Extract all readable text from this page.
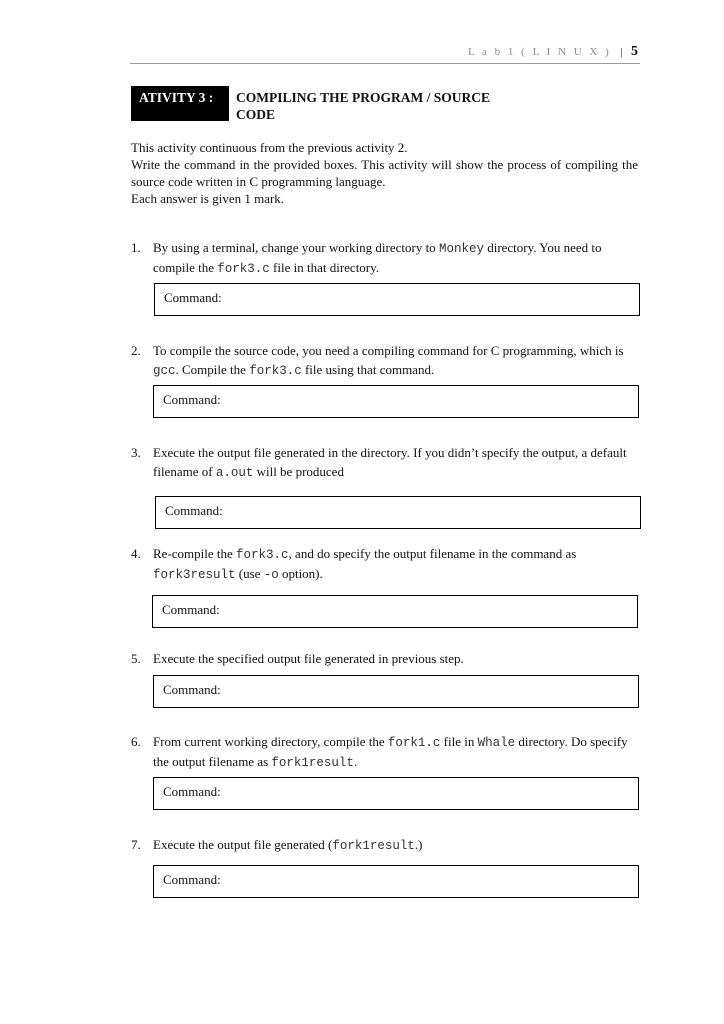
L a b 1 ( L I N U X ) | 5
ATIVITY 3 :	COMPILING THE PROGRAM / SOURCE
CODE

This activity continuous from the previous activity 2.

Write the command in the provided boxes. This activity will show the process of compiling the source code written in C programming language.

Each answer is given 1 mark.

1. By using a terminal, change your working directory to Monkey directory. You need to compile the fork3.c file in that directory.
Command:
2. To compile the source code, you need a compiling command for C programming, which is gcc. Compile the fork3.c file using that command.
Command:
3. Execute the output file generated in the directory. If you didn’t specify the output, a default filename of a.out will be produced
Command:
4. Re-compile the fork3.c, and do specify the output filename in the command as fork3result (use -o option).
Command:
5. Execute the specified output file generated in previous step.
Command:
6. From current working directory, compile the fork1.c file in Whale directory. Do specify the output filename as fork1result.
Command:
7. Execute the output file generated (fork1result.)
Command:
